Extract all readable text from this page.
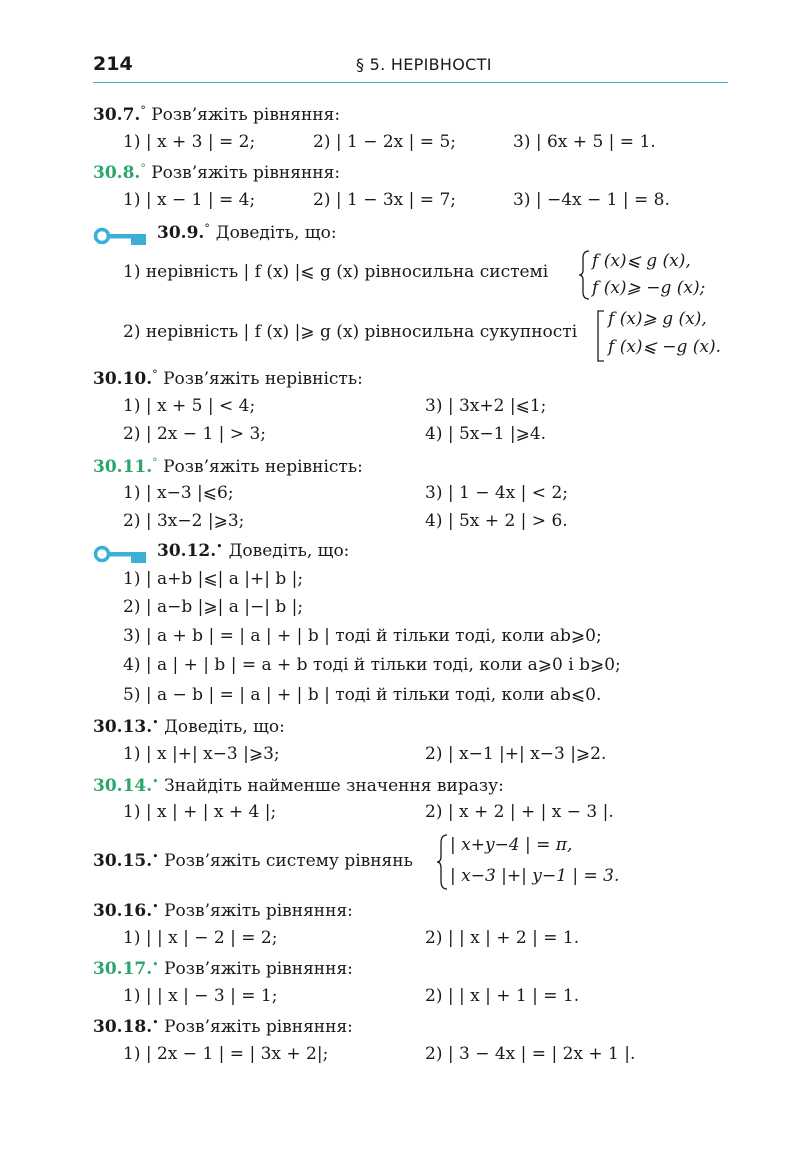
214	§ 5. НЕРІВНОСТІ
30.7.° Розв’яжіть рівняння:
1) | x + 3 | = 2;	2) | 1 − 2x | = 5;	3) | 6x + 5 | = 1.
30.8.° Розв’яжіть рівняння:
1) | x − 1 | = 4;	2) | 1 − 3x | = 7;	3) | −4x − 1 | = 8.
30.9.° Доведіть, що:
1) нерівність | f (x) |⩽ g (x) рівносильна системі
f (x)⩽ g (x),
f (x)⩾ −g (x);
2) нерівність | f (x) |⩾ g (x) рівносильна сукупності
f (x)⩾ g (x),
f (x)⩽ −g (x).
30.10.° Розв’яжіть нерівність:
1) | x + 5 | < 4;	3) | 3x+2 |⩽1;
2) | 2x − 1 | > 3;	4) | 5x−1 |⩾4.
30.11.° Розв’яжіть нерівність:
1) | x−3 |⩽6;	3) | 1 − 4x | < 2;
2) | 3x−2 |⩾3;	4) | 5x + 2 | > 6.
30.12.• Доведіть, що:
1) | a+b |⩽| a |+| b |;
2) | a−b |⩾| a |−| b |;
3) | a + b | = | a | + | b | тоді й тільки тоді, коли ab⩾0;
4) | a | + | b | = a + b тоді й тільки тоді, коли a⩾0 і b⩾0;
5) | a − b | = | a | + | b | тоді й тільки тоді, коли ab⩽0.
30.13.• Доведіть, що:
1) | x |+| x−3 |⩾3;	2) | x−1 |+| x−3 |⩾2.
30.14.• Знайдіть найменше значення виразу:
1) | x | + | x + 4 |;	2) | x + 2 | + | x − 3 |.
30.15.• Розв’яжіть систему рівнянь
| x+y−4 | = π,
| x−3 |+| y−1 | = 3.
30.16.• Розв’яжіть рівняння:
1) | | x | − 2 | = 2;	2) | | x | + 2 | = 1.
30.17.• Розв’яжіть рівняння:
1) | | x | − 3 | = 1;	2) | | x | + 1 | = 1.
30.18.• Розв’яжіть рівняння:
1) | 2x − 1 | = | 3x + 2|;	2) | 3 − 4x | = | 2x + 1 |.
